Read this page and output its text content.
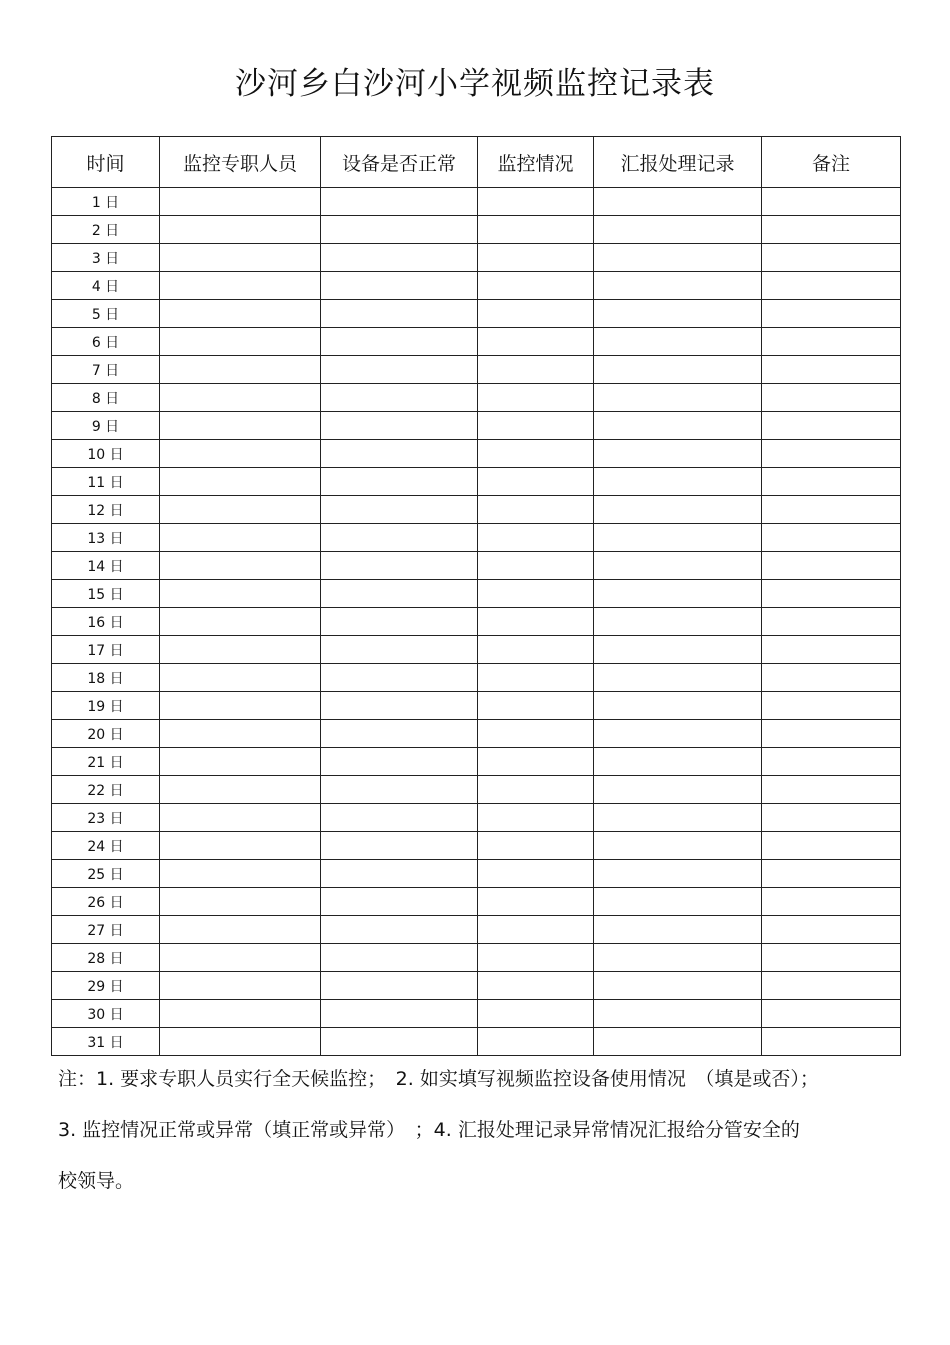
沙河乡白沙河小学视频监控记录表
时间	监控专职人员	设备是否正常	监控情况	汇报处理记录	备注
1 日					
2 日					
3 日					
4 日					
5 日					
6 日					
7 日					
8 日					
9 日					
10 日					
11 日					
12 日					
13 日					
14 日					
15 日					
16 日					
17 日					
18 日					
19 日					
20 日					
21 日					
22 日					
23 日					
24 日					
25 日					
26 日					
27 日					
28 日					
29 日					
30 日					
31 日					
注：1. 要求专职人员实行全天候监控；　2. 如实填写视频监控设备使用情况　（填是或否）；
3. 监控情况正常或异常（填正常或异常）　；4. 汇报处理记录异常情况汇报给分管安全的
校领导。
